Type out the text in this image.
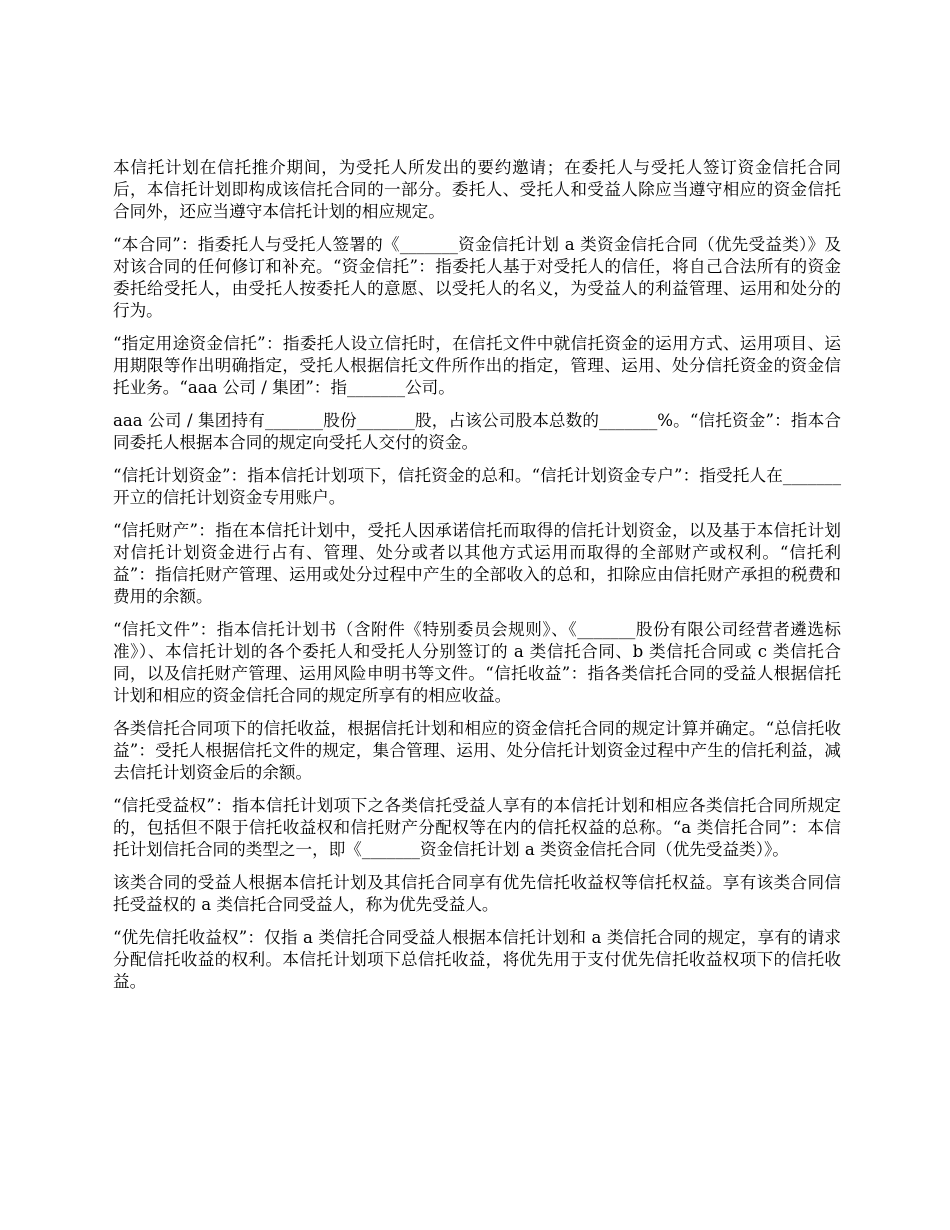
本信托计划在信托推介期间，为受托人所发出的要约邀请；在委托人与受托人签订资金信托合同后，本信托计划即构成该信托合同的一部分。委托人、受托人和受益人除应当遵守相应的资金信托合同外，还应当遵守本信托计划的相应规定。

“本合同”：指委托人与受托人签署的《_______资金信托计划 a 类资金信托合同（优先受益类）》及对该合同的任何修订和补充。“资金信托”：指委托人基于对受托人的信任，将自己合法所有的资金委托给受托人，由受托人按委托人的意愿、以受托人的名义，为受益人的利益管理、运用和处分的行为。

“指定用途资金信托”：指委托人设立信托时，在信托文件中就信托资金的运用方式、运用项目、运用期限等作出明确指定，受托人根据信托文件所作出的指定，管理、运用、处分信托资金的资金信托业务。“aaa 公司 / 集团”：指_______公司。

aaa 公司 / 集团持有_______股份_______股，占该公司股本总数的_______%。“信托资金”：指本合同委托人根据本合同的规定向受托人交付的资金。

“信托计划资金”：指本信托计划项下，信托资金的总和。“信托计划资金专户”：指受托人在_______开立的信托计划资金专用账户。

“信托财产”：指在本信托计划中，受托人因承诺信托而取得的信托计划资金，以及基于本信托计划对信托计划资金进行占有、管理、处分或者以其他方式运用而取得的全部财产或权利。“信托利益”：指信托财产管理、运用或处分过程中产生的全部收入的总和，扣除应由信托财产承担的税费和费用的余额。

“信托文件”：指本信托计划书（含附件《特别委员会规则》、《_______股份有限公司经营者遴选标准》）、本信托计划的各个委托人和受托人分别签订的 a 类信托合同、b 类信托合同或 c 类信托合同，以及信托财产管理、运用风险申明书等文件。“信托收益”：指各类信托合同的受益人根据信托计划和相应的资金信托合同的规定所享有的相应收益。

各类信托合同项下的信托收益，根据信托计划和相应的资金信托合同的规定计算并确定。“总信托收益”：受托人根据信托文件的规定，集合管理、运用、处分信托计划资金过程中产生的信托利益，减去信托计划资金后的余额。

“信托受益权”：指本信托计划项下之各类信托受益人享有的本信托计划和相应各类信托合同所规定的，包括但不限于信托收益权和信托财产分配权等在内的信托权益的总称。“a 类信托合同”：本信托计划信托合同的类型之一，即《_______资金信托计划 a 类资金信托合同（优先受益类）》。

该类合同的受益人根据本信托计划及其信托合同享有优先信托收益权等信托权益。享有该类合同信托受益权的 a 类信托合同受益人，称为优先受益人。

“优先信托收益权”：仅指 a 类信托合同受益人根据本信托计划和 a 类信托合同的规定，享有的请求分配信托收益的权利。本信托计划项下总信托收益，将优先用于支付优先信托收益权项下的信托收益。
